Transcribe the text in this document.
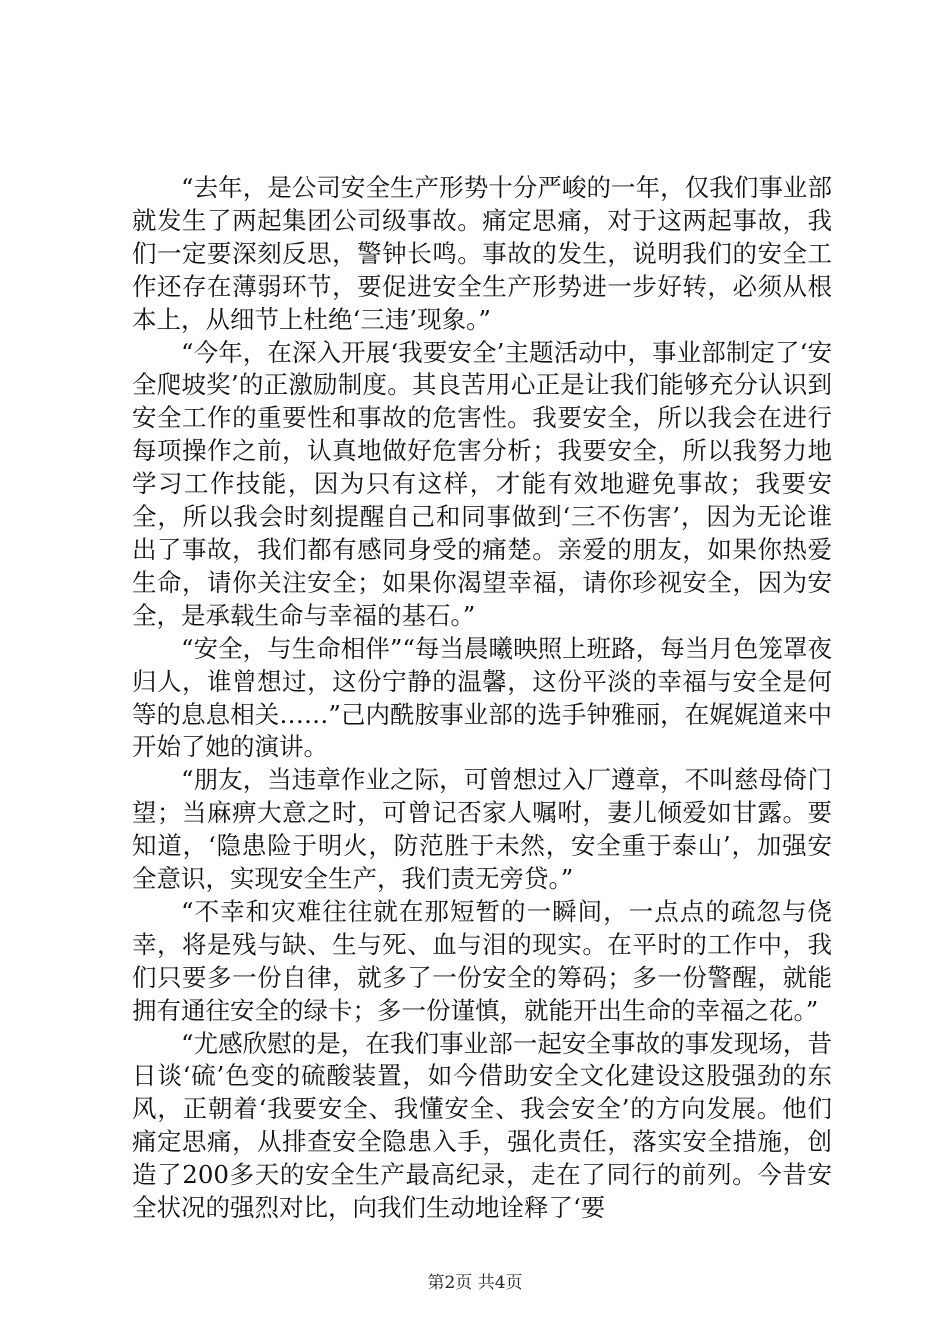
“去年，是公司安全生产形势十分严峻的一年，仅我们事业部就发生了两起集团公司级事故。痛定思痛，对于这两起事故，我们一定要深刻反思，警钟长鸣。事故的发生，说明我们的安全工作还存在薄弱环节，要促进安全生产形势进一步好转，必须从根本上，从细节上杜绝‘三违’现象。”

“今年，在深入开展‘我要安全’主题活动中，事业部制定了‘安全爬坡奖’的正激励制度。其良苦用心正是让我们能够充分认识到安全工作的重要性和事故的危害性。我要安全，所以我会在进行每项操作之前，认真地做好危害分析；我要安全，所以我努力地学习工作技能，因为只有这样，才能有效地避免事故；我要安全，所以我会时刻提醒自己和同事做到‘三不伤害’，因为无论谁出了事故，我们都有感同身受的痛楚。亲爱的朋友，如果你热爱生命，请你关注安全；如果你渴望幸福，请你珍视安全，因为安全，是承载生命与幸福的基石。”

“安全，与生命相伴”“每当晨曦映照上班路，每当月色笼罩夜归人，谁曾想过，这份宁静的温馨，这份平淡的幸福与安全是何等的息息相关……”己内酰胺事业部的选手钟雅丽，在娓娓道来中开始了她的演讲。

“朋友，当违章作业之际，可曾想过入厂遵章，不叫慈母倚门望；当麻痹大意之时，可曾记否家人嘱咐，妻儿倾爱如甘露。要知道，‘隐患险于明火，防范胜于未然，安全重于泰山’，加强安全意识，实现安全生产，我们责无旁贷。”

“不幸和灾难往往就在那短暂的一瞬间，一点点的疏忽与侥幸，将是残与缺、生与死、血与泪的现实。在平时的工作中，我们只要多一份自律，就多了一份安全的筹码；多一份警醒，就能拥有通往安全的绿卡；多一份谨慎，就能开出生命的幸福之花。”

“尤感欣慰的是，在我们事业部一起安全事故的事发现场，昔日谈‘硫’色变的硫酸装置，如今借助安全文化建设这股强劲的东风，正朝着‘我要安全、我懂安全、我会安全’的方向发展。他们痛定思痛，从排查安全隐患入手，强化责任，落实安全措施，创造了200多天的安全生产最高纪录，走在了同行的前列。今昔安全状况的强烈对比，向我们生动地诠释了‘要

第2页 共4页
